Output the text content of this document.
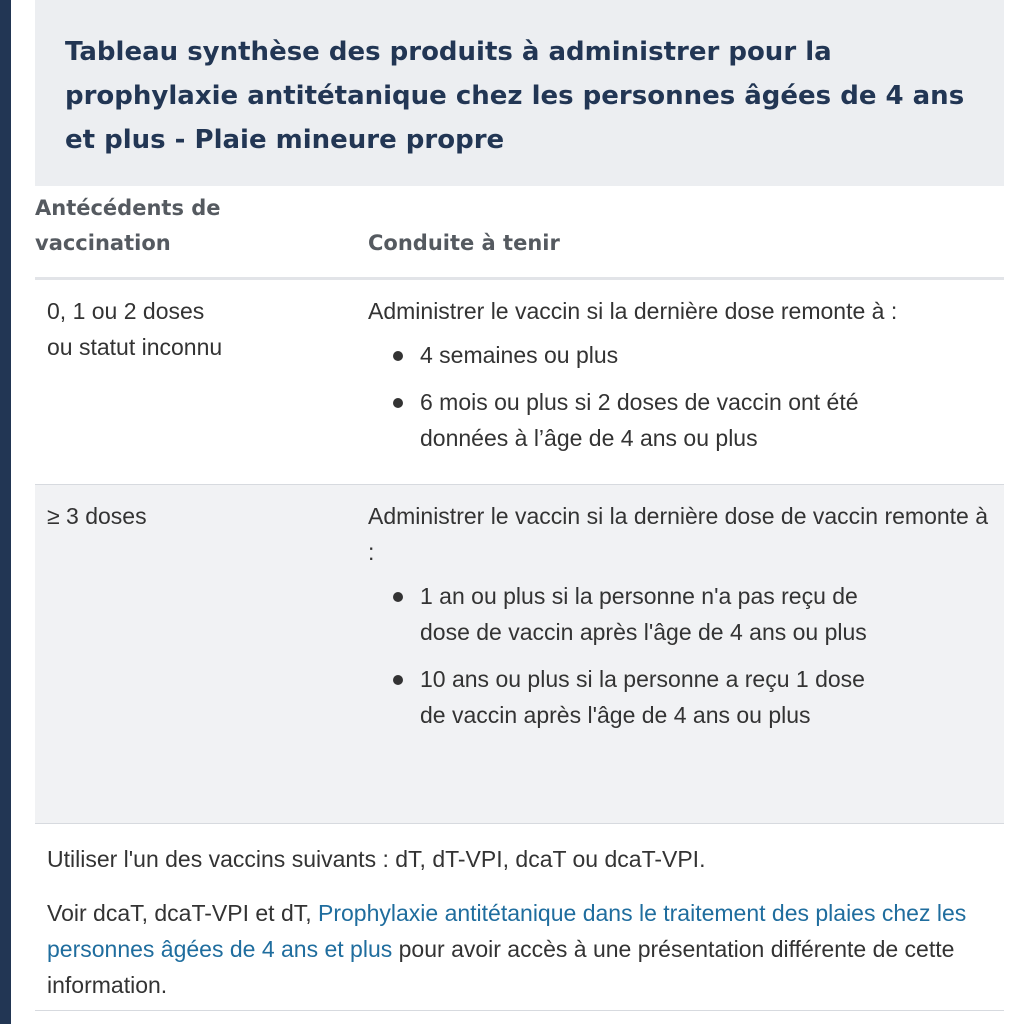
Tableau synthèse des produits à administrer pour la prophylaxie antitétanique chez les personnes âgées de 4 ans et plus - Plaie mineure propre
Antécédents de
vaccination	Conduite à tenir
0, 1 ou 2 doses
ou statut inconnu

Administrer le vaccin si la dernière dose remonte à :

4 semaines ou plus
6 mois ou plus si 2 doses de vaccin ont été données à l’âge de 4 ans ou plus
≥ 3 doses	Administrer le vaccin si la dernière dose de vaccin remonte à :

1 an ou plus si la personne n'a pas reçu de dose de vaccin après l'âge de 4 ans ou plus
10 ans ou plus si la personne a reçu 1 dose de vaccin après l'âge de 4 ans ou plus

Utiliser l'un des vaccins suivants : dT, dT-VPI, dcaT ou dcaT-VPI.

Voir dcaT, dcaT-VPI et dT, Prophylaxie antitétanique dans le traitement des plaies chez les personnes âgées de 4 ans et plus pour avoir accès à une présentation différente de cette information.
